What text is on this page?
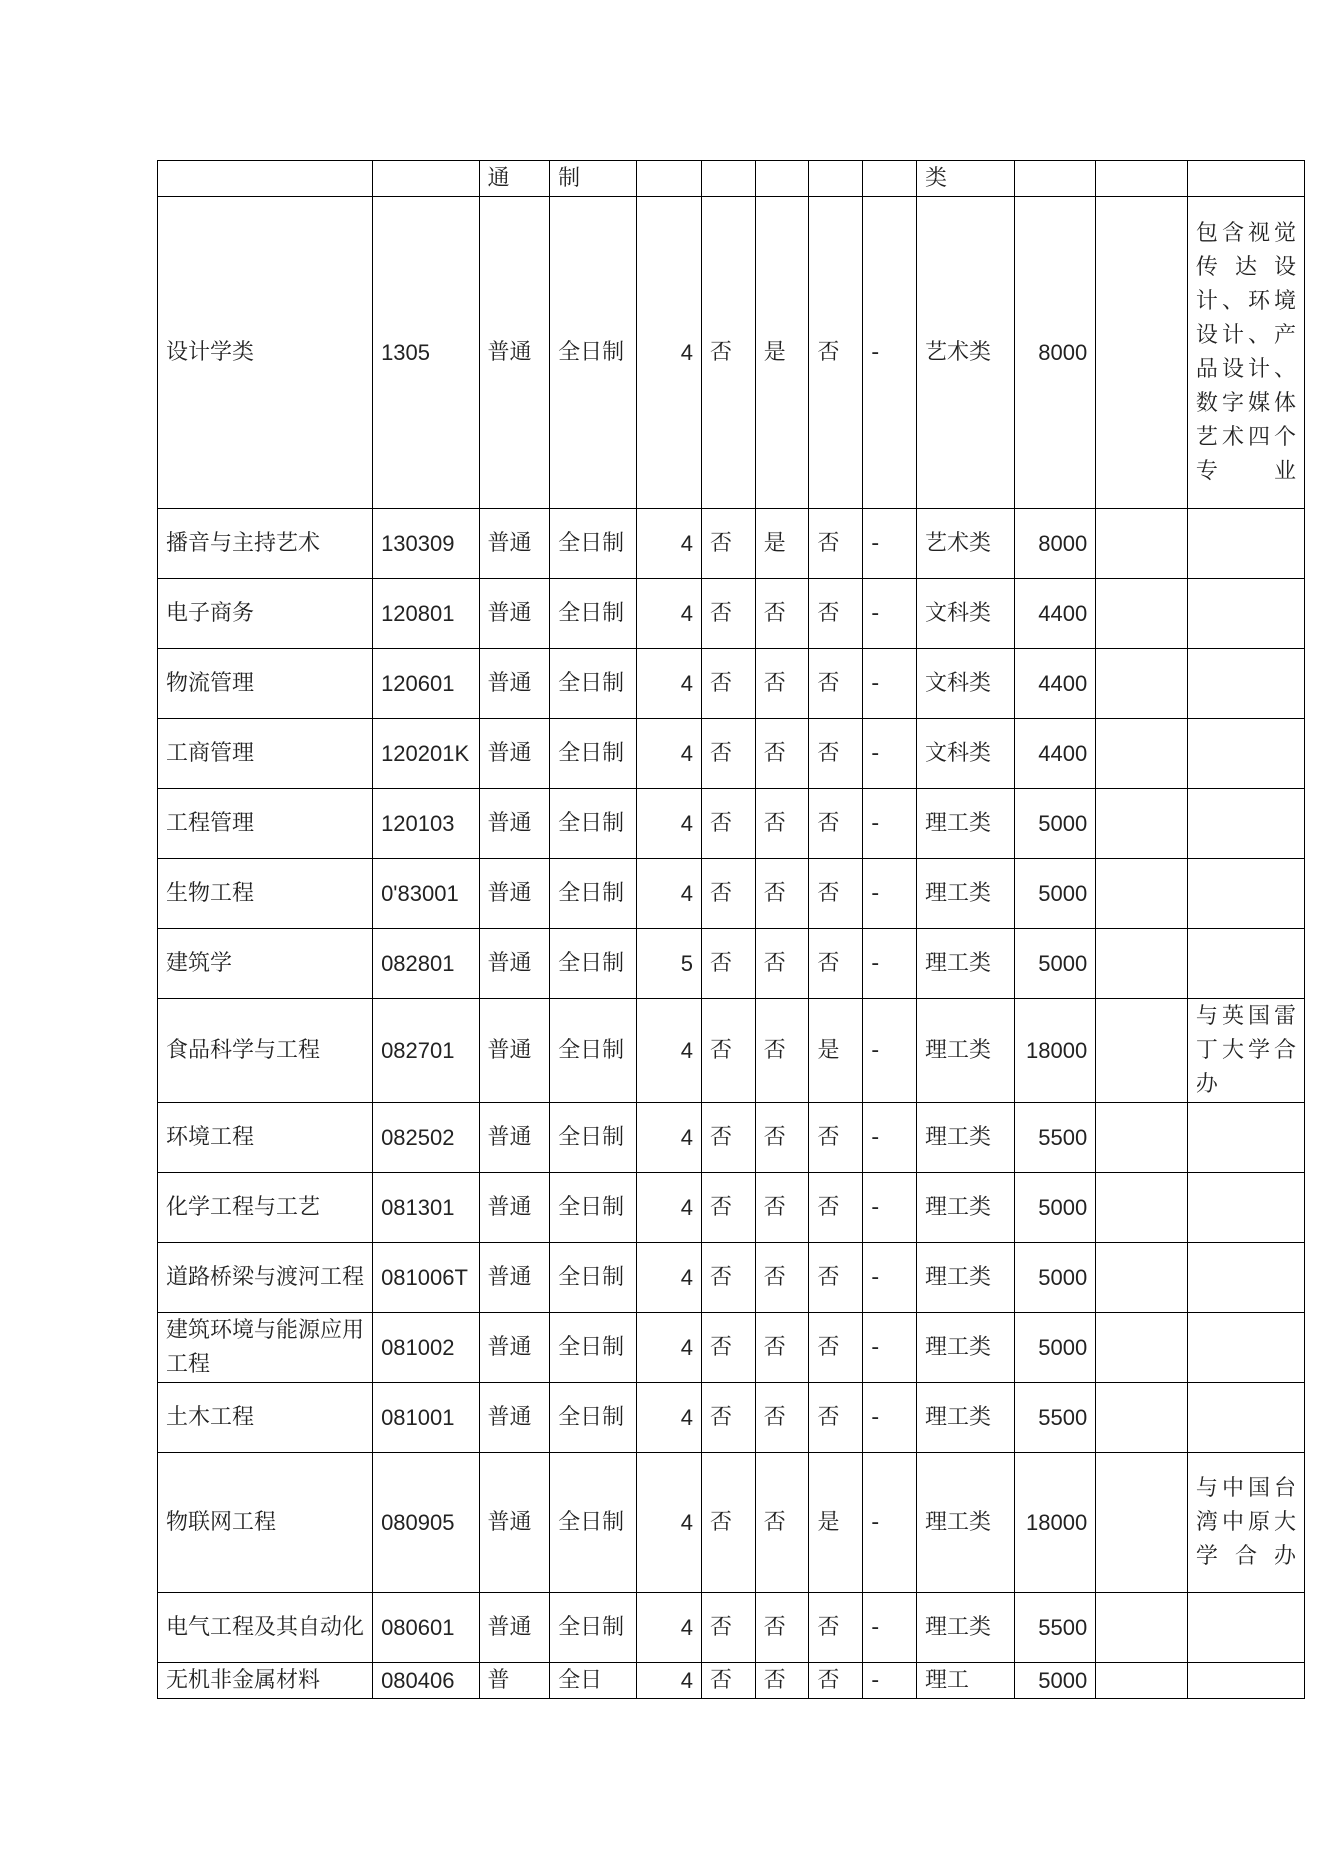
		通	制						类			
设计学类	1305	普通	全日制	4	否	是	否	-	艺术类	8000		包含视觉传达设计、环境设计、产品设计、数字媒体艺术四个专业
播音与主持艺术	130309	普通	全日制	4	否	是	否	-	艺术类	8000		
电子商务	120801	普通	全日制	4	否	否	否	-	文科类	4400		
物流管理	120601	普通	全日制	4	否	否	否	-	文科类	4400		
工商管理	120201K	普通	全日制	4	否	否	否	-	文科类	4400		
工程管理	120103	普通	全日制	4	否	否	否	-	理工类	5000		
生物工程	0'83001	普通	全日制	4	否	否	否	-	理工类	5000		
建筑学	082801	普通	全日制	5	否	否	否	-	理工类	5000		
食品科学与工程	082701	普通	全日制	4	否	否	是	-	理工类	18000		与英国雷丁大学合办
环境工程	082502	普通	全日制	4	否	否	否	-	理工类	5500		
化学工程与工艺	081301	普通	全日制	4	否	否	否	-	理工类	5000		
道路桥梁与渡河工程	081006T	普通	全日制	4	否	否	否	-	理工类	5000		
建筑环境与能源应用工程	081002	普通	全日制	4	否	否	否	-	理工类	5000		
土木工程	081001	普通	全日制	4	否	否	否	-	理工类	5500		
物联网工程	080905	普通	全日制	4	否	否	是	-	理工类	18000		与中国台湾中原大学合办
电气工程及其自动化	080601	普通	全日制	4	否	否	否	-	理工类	5500		
无机非金属材料	080406	普	全日	4	否	否	否	-	理工	5000		
